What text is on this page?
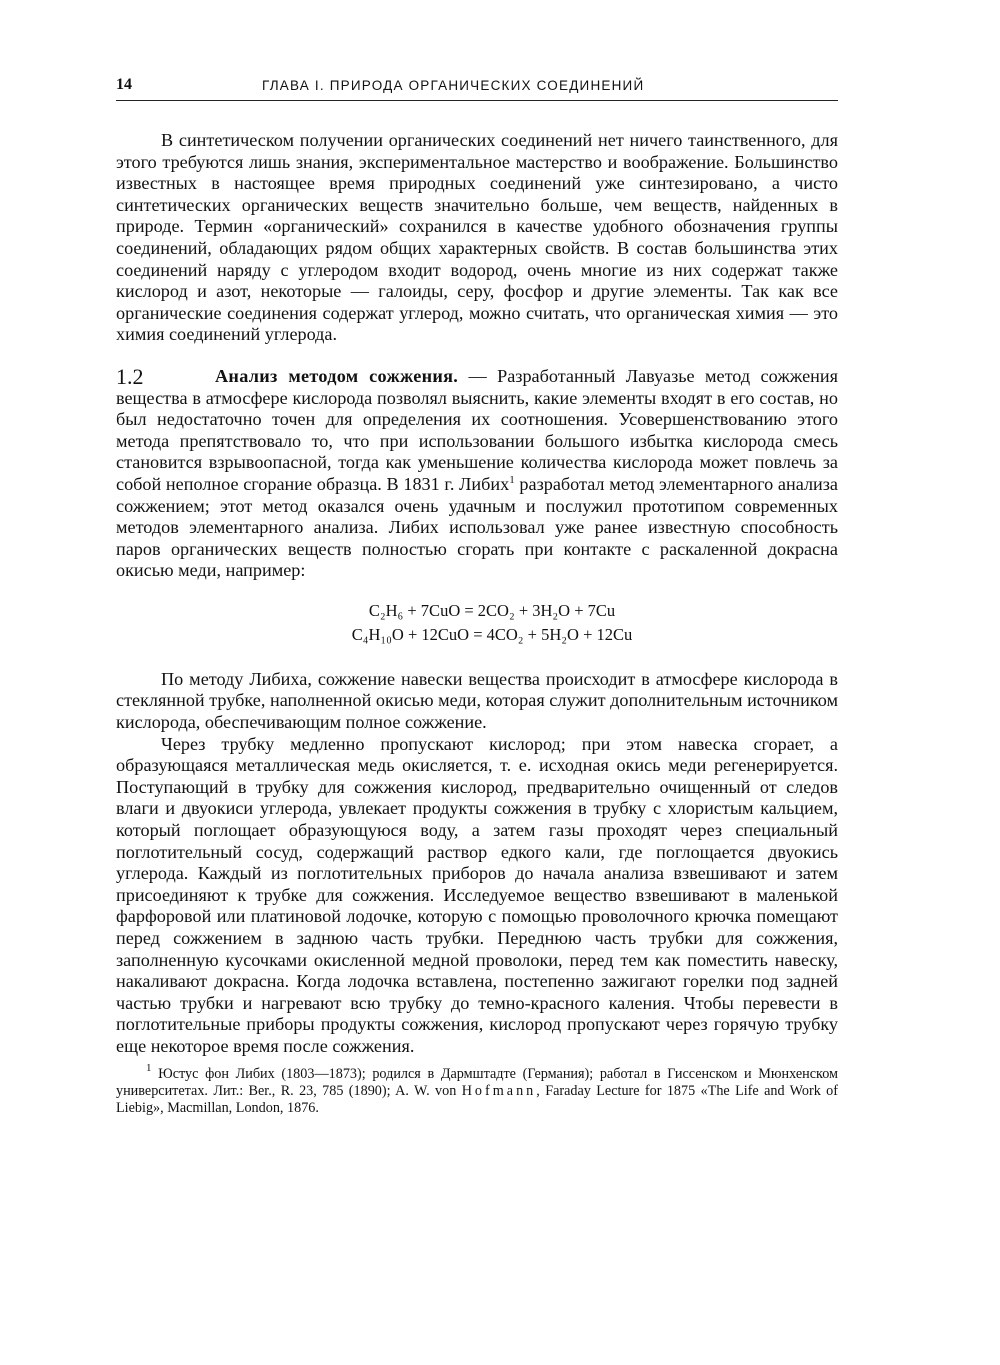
14	ГЛАВА I. ПРИРОДА ОРГАНИЧЕСКИХ СОЕДИНЕНИЙ

В синтетическом получении органических соединений нет ничего таинственного, для этого требуются лишь знания, экспериментальное мастерство и воображение. Большинство известных в настоящее время природных соединений уже синтезировано, а чисто синтетических органических веществ значительно больше, чем веществ, найденных в природе. Термин «органический» сохранился в качестве удобного обозначения группы соединений, обладающих рядом общих характерных свойств. В состав большинства этих соединений наряду с углеродом входит водород, очень многие из них содержат также кислород и азот, некоторые — галоиды, серу, фосфор и другие элементы. Так как все органические соединения содержат углерод, можно считать, что органическая химия — это химия соединений углерода.

1.2	Анализ методом сожжения. — Разработанный Лавуазье метод сожжения вещества в атмосфере кислорода позволял выяснить, какие элементы входят в его состав, но был недостаточно точен для определения их соотношения. Усовершенствованию этого метода препятствовало то, что при использовании большого избытка кислорода смесь становится взрывоопасной, тогда как уменьшение количества кислорода может повлечь за собой неполное сгорание образца. В 1831 г. Либих$^1$ разработал метод элементарного анализа сожжением; этот метод оказался очень удачным и послужил прототипом современных методов элементарного анализа. Либих использовал уже ранее известную способность паров органических веществ полностью сгорать при контакте с раскаленной докрасна окисью меди, например:

C₂H₆ + 7CuO = 2CO₂ + 3H₂O + 7Cu
C₄H₁₀O + 12CuO = 4CO₂ + 5H₂O + 12Cu

По методу Либиха, сожжение навески вещества происходит в атмосфере кислорода в стеклянной трубке, наполненной окисью меди, которая служит дополнительным источником кислорода, обеспечивающим полное сожжение.

Через трубку медленно пропускают кислород; при этом навеска сгорает, а образующаяся металлическая медь окисляется, т. е. исходная окись меди регенерируется. Поступающий в трубку для сожжения кислород, предварительно очищенный от следов влаги и двуокиси углерода, увлекает продукты сожжения в трубку с хлористым кальцием, который поглощает образующуюся воду, а затем газы проходят через специальный поглотительный сосуд, содержащий раствор едкого кали, где поглощается двуокись углерода. Каждый из поглотительных приборов до начала анализа взвешивают и затем присоединяют к трубке для сожжения. Исследуемое вещество взвешивают в маленькой фарфоровой или платиновой лодочке, которую с помощью проволочного крючка помещают перед сожжением в заднюю часть трубки. Переднюю часть трубки для сожжения, заполненную кусочками окисленной медной проволоки, перед тем как поместить навеску, накаливают докрасна. Когда лодочка вставлена, постепенно зажигают горелки под задней частью трубки и нагревают всю трубку до темно-красного каления. Чтобы перевести в поглотительные приборы продукты сожжения, кислород пропускают через горячую трубку еще некоторое время после сожжения.

$^1$ Юстус фон Либих (1803—1873); родился в Дармштадте (Германия); работал в Гиссенском и Мюнхенском университетах. Лит.: Ber., R. 23, 785 (1890); A. W. von Hofmann, Faraday Lecture for 1875 «The Life and Work of Liebig», Macmillan, London, 1876.
